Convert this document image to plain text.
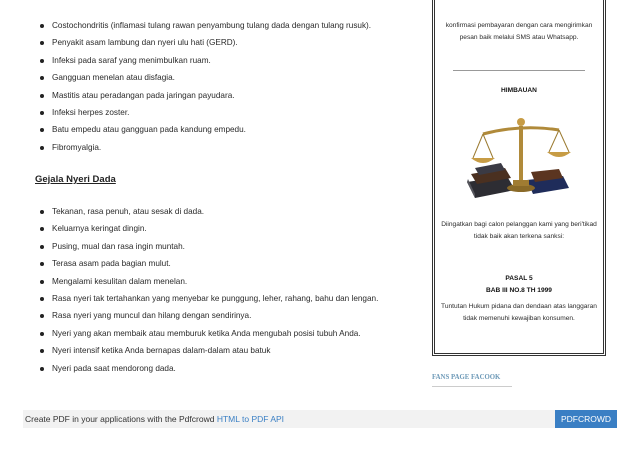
Costochondritis (inflamasi tulang rawan penyambung tulang dada dengan tulang rusuk).
Penyakit asam lambung dan nyeri ulu hati (GERD).
Infeksi pada saraf yang menimbulkan ruam.
Gangguan menelan atau disfagia.
Mastitis atau peradangan pada jaringan payudara.
Infeksi herpes zoster.
Batu empedu atau gangguan pada kandung empedu.
Fibromyalgia.
Gejala Nyeri Dada
Tekanan, rasa penuh, atau sesak di dada.
Keluarnya keringat dingin.
Pusing, mual dan rasa ingin muntah.
Terasa asam pada bagian mulut.
Mengalami kesulitan dalam menelan.
Rasa nyeri tak tertahankan yang menyebar ke punggung, leher, rahang, bahu dan lengan.
Rasa nyeri yang muncul dan hilang dengan sendirinya.
Nyeri yang akan membaik atau memburuk ketika Anda mengubah posisi tubuh Anda.
Nyeri intensif ketika Anda bernapas dalam-dalam atau batuk
Nyeri pada saat mendorong dada.
konfirmasi pembayaran dengan cara mengirimkan pesan baik melalui SMS atau Whatsapp.
HIMBAUAN
Diingatkan bagi calon pelanggan kami yang beri'tikad tidak baik akan terkena sanksi:
PASAL 5
BAB III NO.8 TH 1999
Tuntutan Hukum pidana dan dendaan atas langgaran tidak memenuhi kewajiban konsumen.
FANS PAGE FACOOK
Create PDF in your applications with the Pdfcrowd HTML to PDF API	PDFCROWD
